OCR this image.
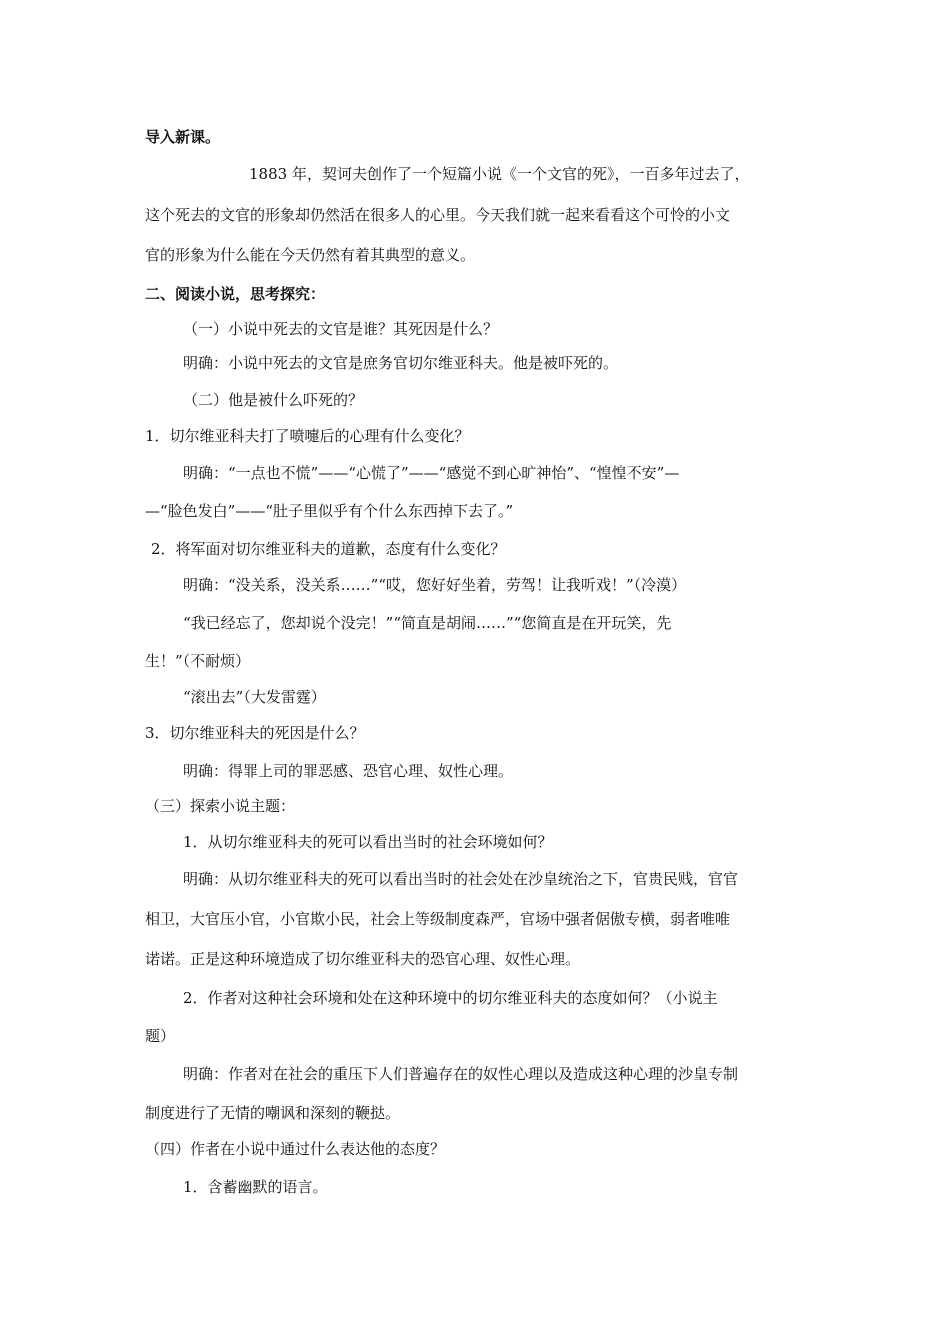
导入新课。
1883 年，契诃夫创作了一个短篇小说《一个文官的死》，一百多年过去了，
这个死去的文官的形象却仍然活在很多人的心里。今天我们就一起来看看这个可怜的小文
官的形象为什么能在今天仍然有着其典型的意义。
二、阅读小说，思考探究：
（一）小说中死去的文官是谁？其死因是什么？
明确：小说中死去的文官是庶务官切尔维亚科夫。他是被吓死的。
（二）他是被什么吓死的？
1．切尔维亚科夫打了喷嚏后的心理有什么变化？
明确：“一点也不慌”——“心慌了”——“感觉不到心旷神怡”、“惶惶不安”—
—“脸色发白”——“肚子里似乎有个什么东西掉下去了。”
2．将军面对切尔维亚科夫的道歉，态度有什么变化？
明确：“没关系，没关系……”“哎，您好好坐着，劳驾！让我听戏！”（冷漠）
“我已经忘了，您却说个没完！”“简直是胡闹……”“您简直是在开玩笑，先
生！”（不耐烦）
“滚出去”（大发雷霆）
3．切尔维亚科夫的死因是什么？
明确：得罪上司的罪恶感、恐官心理、奴性心理。
（三）探索小说主题：
1．从切尔维亚科夫的死可以看出当时的社会环境如何？
明确：从切尔维亚科夫的死可以看出当时的社会处在沙皇统治之下，官贵民贱，官官
相卫，大官压小官，小官欺小民，社会上等级制度森严，官场中强者倨傲专横，弱者唯唯
诺诺。正是这种环境造成了切尔维亚科夫的恐官心理、奴性心理。
2．作者对这种社会环境和处在这种环境中的切尔维亚科夫的态度如何？（小说主
题）
明确：作者对在社会的重压下人们普遍存在的奴性心理以及造成这种心理的沙皇专制
制度进行了无情的嘲讽和深刻的鞭挞。
（四）作者在小说中通过什么表达他的态度？
1．含蓄幽默的语言。
